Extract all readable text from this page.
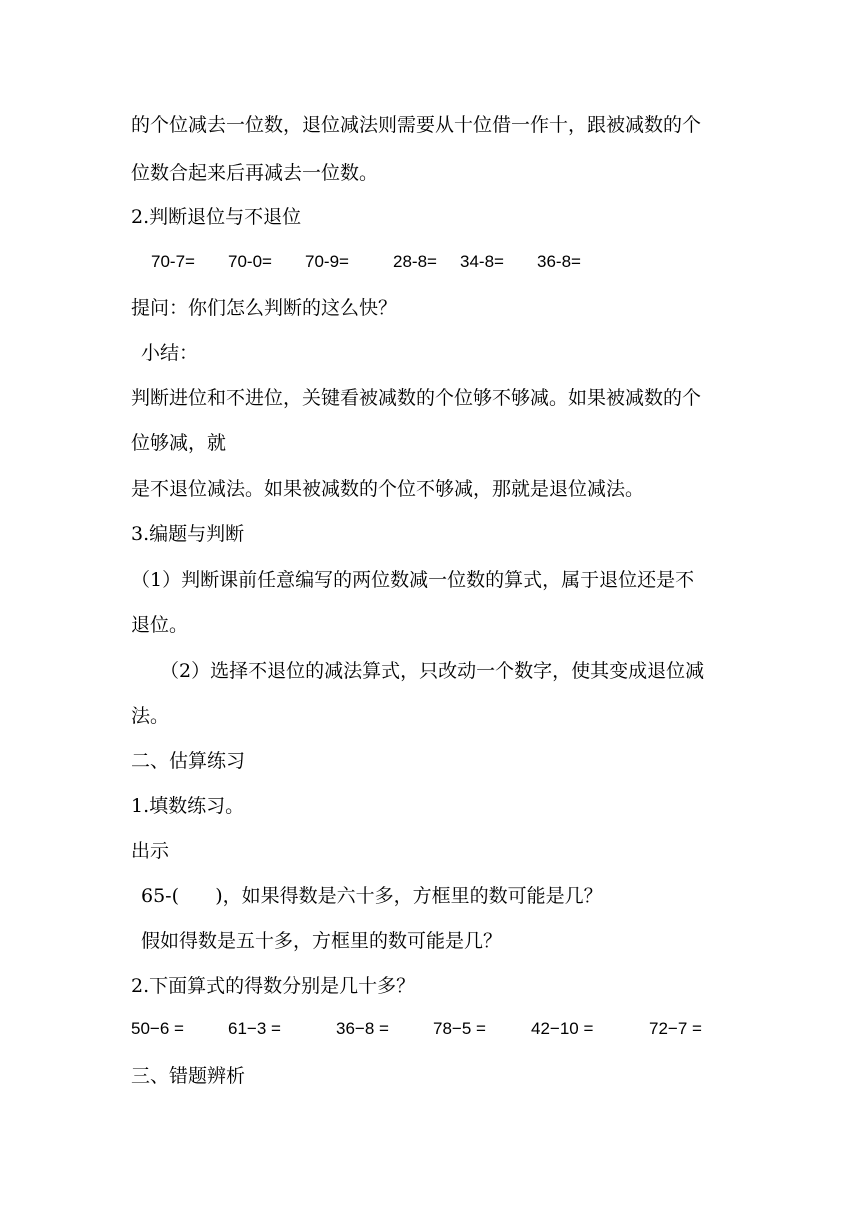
的个位减去一位数，退位减法则需要从十位借一作十，跟被减数的个
位数合起来后再减去一位数。
2.判断退位与不退位
70-7= 70-0= 70-9=	28-8= 34-8= 36-8=
提问：你们怎么判断的这么快？
小结：
判断进位和不进位，关键看被减数的个位够不够减。如果被减数的个
位够减，就
是不退位减法。如果被减数的个位不够减，那就是退位减法。
3.编题与判断
（1）判断课前任意编写的两位数减一位数的算式，属于退位还是不
退位。
（2）选择不退位的减法算式，只改动一个数字，使其变成退位减
法。
二、估算练习
1.填数练习。
出示
65-(      )，如果得数是六十多，方框里的数可能是几？
假如得数是五十多，方框里的数可能是几？
2.下面算式的得数分别是几十多？
50−6 =	61−3 =	36−8 =	78−5 =	42−10 =	72−7 =
三、错题辨析
